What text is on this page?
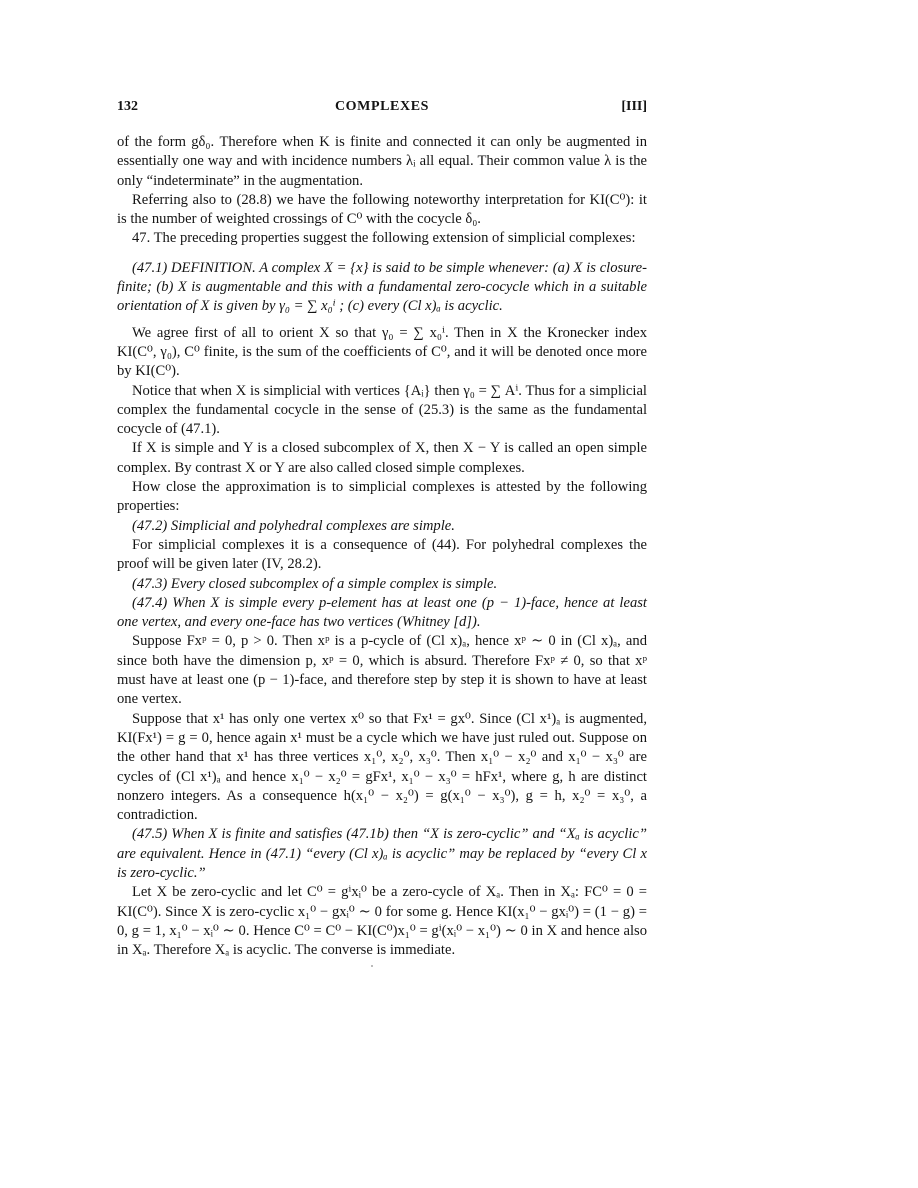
132	COMPLEXES	[III]

of the form gδ₀. Therefore when K is finite and connected it can only be augmented in essentially one way and with incidence numbers λᵢ all equal. Their common value λ is the only “indeterminate” in the augmentation.

Referring also to (28.8) we have the following noteworthy interpretation for KI(C⁰): it is the number of weighted crossings of C⁰ with the cocycle δ₀.

47. The preceding properties suggest the following extension of simplicial complexes:

(47.1) DEFINITION. A complex X = {x} is said to be simple whenever: (a) X is closure-finite; (b) X is augmentable and this with a fundamental zero-cocycle which in a suitable orientation of X is given by γ₀ = ∑ x₀ⁱ ; (c) every (Cl x)ₐ is acyclic.

We agree first of all to orient X so that γ₀ = ∑ x₀ⁱ. Then in X the Kronecker index KI(C⁰, γ₀), C⁰ finite, is the sum of the coefficients of C⁰, and it will be denoted once more by KI(C⁰).

Notice that when X is simplicial with vertices {Aᵢ} then γ₀ = ∑ Aⁱ. Thus for a simplicial complex the fundamental cocycle in the sense of (25.3) is the same as the fundamental cocycle of (47.1).

If X is simple and Y is a closed subcomplex of X, then X − Y is called an open simple complex. By contrast X or Y are also called closed simple complexes.

How close the approximation is to simplicial complexes is attested by the following properties:

(47.2) Simplicial and polyhedral complexes are simple.

For simplicial complexes it is a consequence of (44). For polyhedral complexes the proof will be given later (IV, 28.2).

(47.3) Every closed subcomplex of a simple complex is simple.

(47.4) When X is simple every p-element has at least one (p − 1)-face, hence at least one vertex, and every one-face has two vertices (Whitney [d]).

Suppose Fxᵖ = 0, p > 0. Then xᵖ is a p-cycle of (Cl x)ₐ, hence xᵖ ∼ 0 in (Cl x)ₐ, and since both have the dimension p, xᵖ = 0, which is absurd. Therefore Fxᵖ ≠ 0, so that xᵖ must have at least one (p − 1)-face, and therefore step by step it is shown to have at least one vertex.

Suppose that x¹ has only one vertex x⁰ so that Fx¹ = gx⁰. Since (Cl x¹)ₐ is augmented, KI(Fx¹) = g = 0, hence again x¹ must be a cycle which we have just ruled out. Suppose on the other hand that x¹ has three vertices x₁⁰, x₂⁰, x₃⁰. Then x₁⁰ − x₂⁰ and x₁⁰ − x₃⁰ are cycles of (Cl x¹)ₐ and hence x₁⁰ − x₂⁰ = gFx¹, x₁⁰ − x₃⁰ = hFx¹, where g, h are distinct nonzero integers. As a consequence h(x₁⁰ − x₂⁰) = g(x₁⁰ − x₃⁰), g = h, x₂⁰ = x₃⁰, a contradiction.

(47.5) When X is finite and satisfies (47.1b) then “X is zero-cyclic” and “Xₐ is acyclic” are equivalent. Hence in (47.1) “every (Cl x)ₐ is acyclic” may be replaced by “every Cl x is zero-cyclic.”

Let X be zero-cyclic and let C⁰ = gⁱxᵢ⁰ be a zero-cycle of Xₐ. Then in Xₐ: FC⁰ = 0 = KI(C⁰). Since X is zero-cyclic x₁⁰ − gxᵢ⁰ ∼ 0 for some g. Hence KI(x₁⁰ − gxᵢ⁰) = (1 − g) = 0, g = 1, x₁⁰ − xᵢ⁰ ∼ 0. Hence C⁰ = C⁰ − KI(C⁰)x₁⁰ = gⁱ(xᵢ⁰ − x₁⁰) ∼ 0 in X and hence also in Xₐ. Therefore Xₐ is acyclic. The converse is immediate.
